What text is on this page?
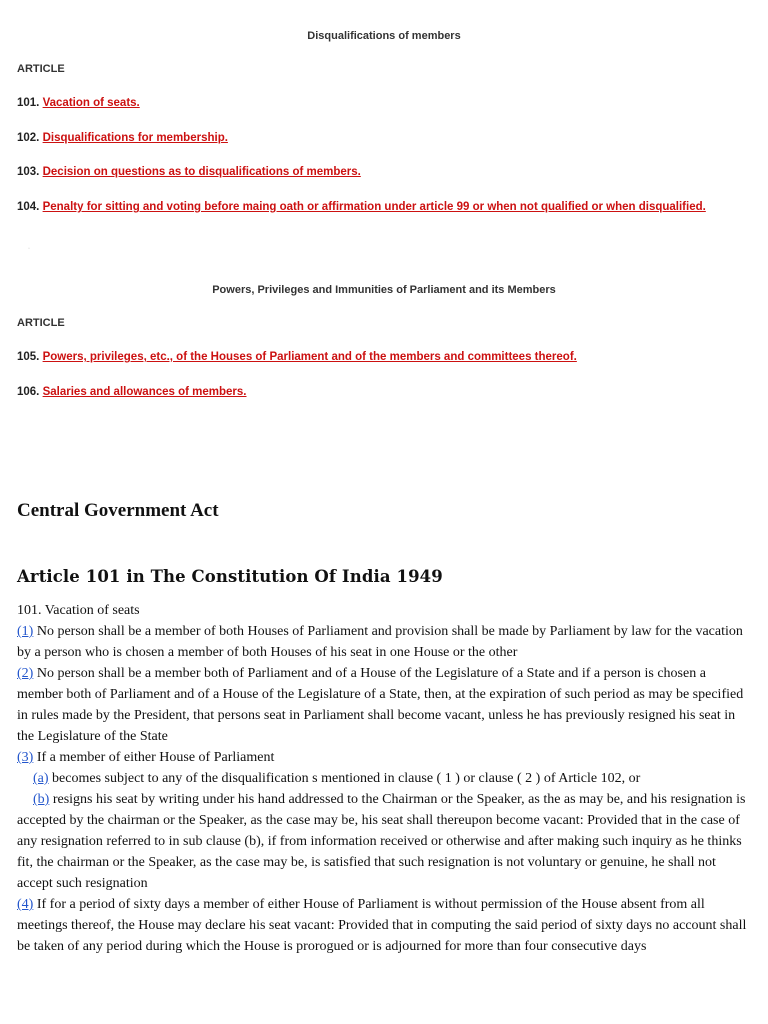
Disqualifications of members
ARTICLE
101. Vacation of seats.
102. Disqualifications for membership.
103. Decision on questions as to disqualifications of members.
104. Penalty for sitting and voting before maing oath or affirmation under article 99 or when not qualified or when disqualified.
·
Powers, Privileges and Immunities of Parliament and its Members
ARTICLE
105. Powers, privileges, etc., of the Houses of Parliament and of the members and committees thereof.
106. Salaries and allowances of members.
Central Government Act
Article 101 in The Constitution Of India 1949

101. Vacation of seats

(1) No person shall be a member of both Houses of Parliament and provision shall be made by Parliament by law for the vacation by a person who is chosen a member of both Houses of his seat in one House or the other

(2) No person shall be a member both of Parliament and of a House of the Legislature of a State and if a person is chosen a member both of Parliament and of a House of the Legislature of a State, then, at the expiration of such period as may be specified in rules made by the President, that persons seat in Parliament shall become vacant, unless he has previously resigned his seat in the Legislature of the State

(3) If a member of either House of Parliament

(a) becomes subject to any of the disqualification s mentioned in clause ( 1 ) or clause ( 2 ) of Article 102, or

(b) resigns his seat by writing under his hand addressed to the Chairman or the Speaker, as the as may be, and his resignation is accepted by the chairman or the Speaker, as the case may be, his seat shall thereupon become vacant: Provided that in the case of any resignation referred to in sub clause (b), if from information received or otherwise and after making such inquiry as he thinks fit, the chairman or the Speaker, as the case may be, is satisfied that such resignation is not voluntary or genuine, he shall not accept such resignation

(4) If for a period of sixty days a member of either House of Parliament is without permission of the House absent from all meetings thereof, the House may declare his seat vacant: Provided that in computing the said period of sixty days no account shall be taken of any period during which the House is prorogued or is adjourned for more than four consecutive days
